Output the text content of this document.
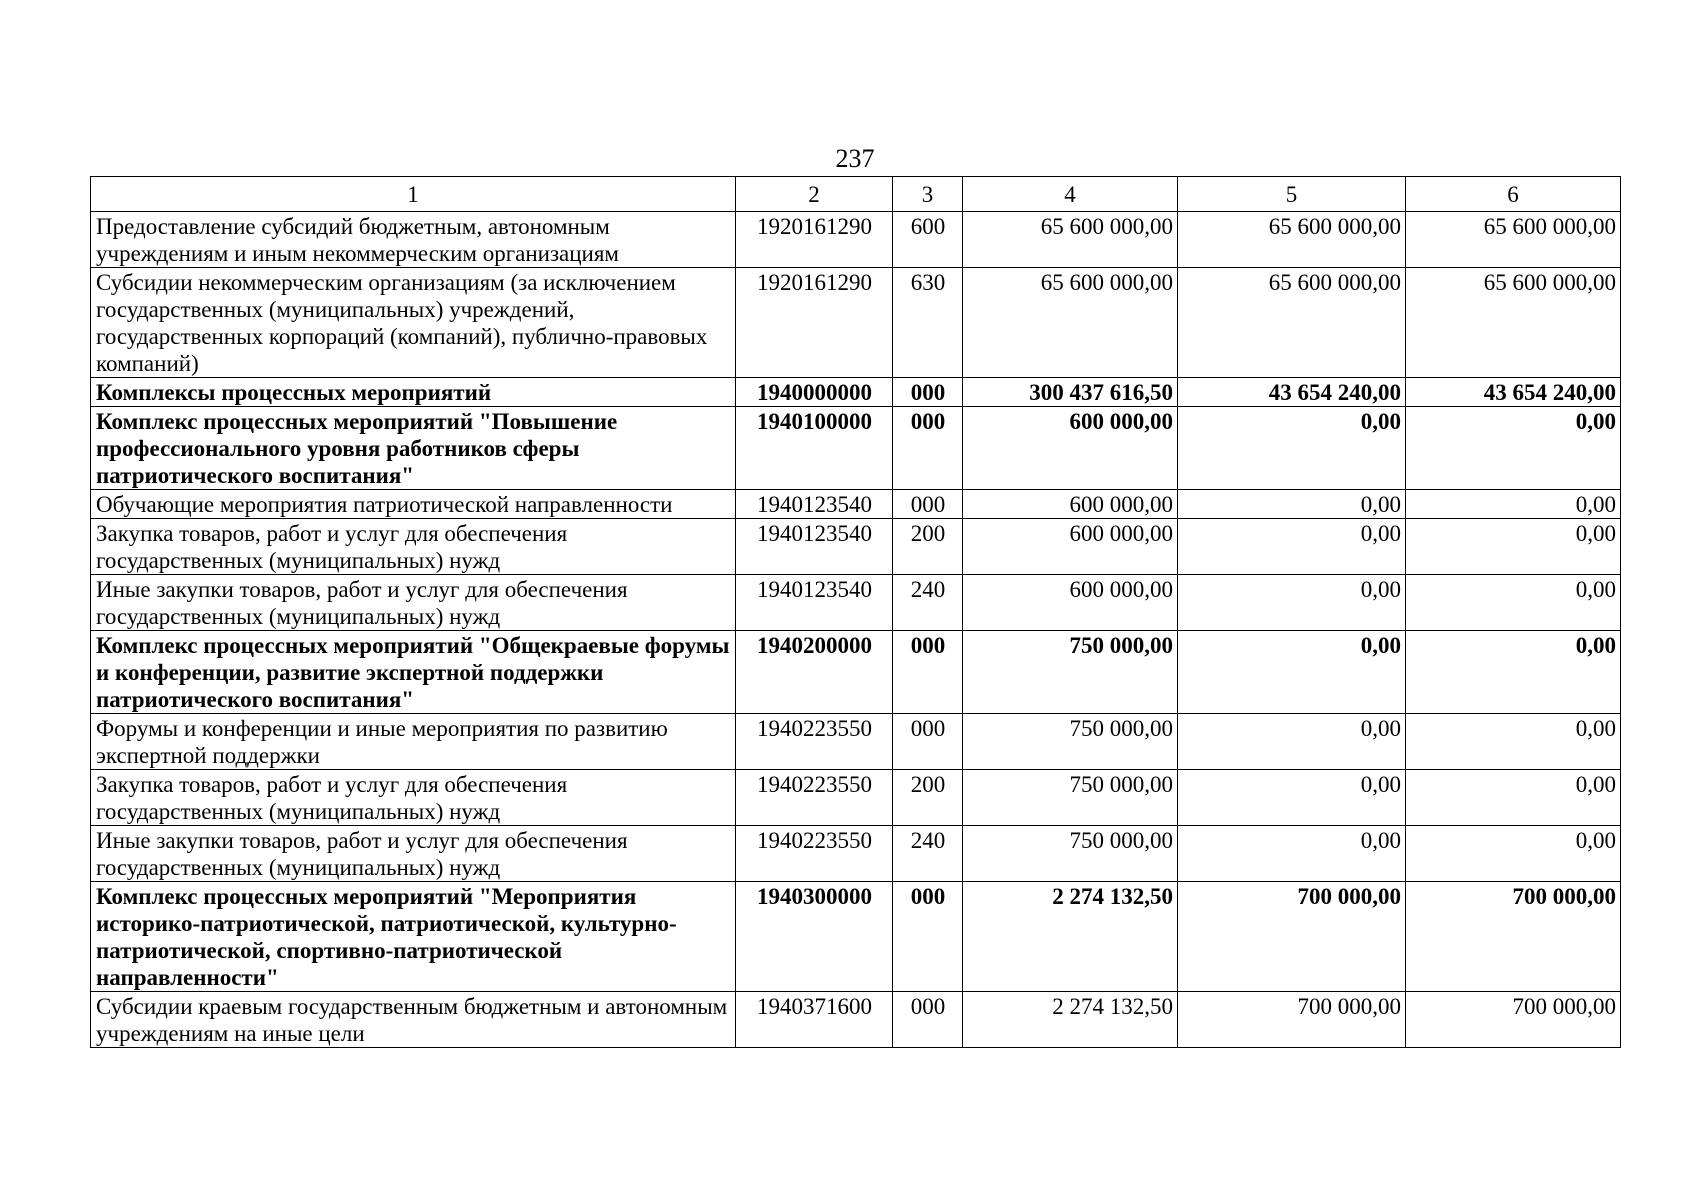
237
1	2	3	4	5	6
Предоставление субсидий бюджетным, автономным учреждениям и иным некоммерческим организациям	1920161290	600	65 600 000,00	65 600 000,00	65 600 000,00
Субсидии некоммерческим организациям (за исключением государственных (муниципальных) учреждений, государственных корпораций (компаний), публично-правовых компаний)	1920161290	630	65 600 000,00	65 600 000,00	65 600 000,00
Комплексы процессных мероприятий	1940000000	000	300 437 616,50	43 654 240,00	43 654 240,00
Комплекс процессных мероприятий "Повышение профессионального уровня работников сферы патриотического воспитания"	1940100000	000	600 000,00	0,00	0,00
Обучающие мероприятия патриотической направленности	1940123540	000	600 000,00	0,00	0,00
Закупка товаров, работ и услуг для обеспечения государственных (муниципальных) нужд	1940123540	200	600 000,00	0,00	0,00
Иные закупки товаров, работ и услуг для обеспечения государственных (муниципальных) нужд	1940123540	240	600 000,00	0,00	0,00
Комплекс процессных мероприятий "Общекраевые форумы и конференции, развитие экспертной поддержки патриотического воспитания"	1940200000	000	750 000,00	0,00	0,00
Форумы и конференции и иные мероприятия по развитию экспертной поддержки	1940223550	000	750 000,00	0,00	0,00
Закупка товаров, работ и услуг для обеспечения государственных (муниципальных) нужд	1940223550	200	750 000,00	0,00	0,00
Иные закупки товаров, работ и услуг для обеспечения государственных (муниципальных) нужд	1940223550	240	750 000,00	0,00	0,00
Комплекс процессных мероприятий "Мероприятия историко-патриотической, патриотической, культурно-патриотической, спортивно-патриотической направленности"	1940300000	000	2 274 132,50	700 000,00	700 000,00
Субсидии краевым государственным бюджетным и автономным учреждениям на иные цели	1940371600	000	2 274 132,50	700 000,00	700 000,00
